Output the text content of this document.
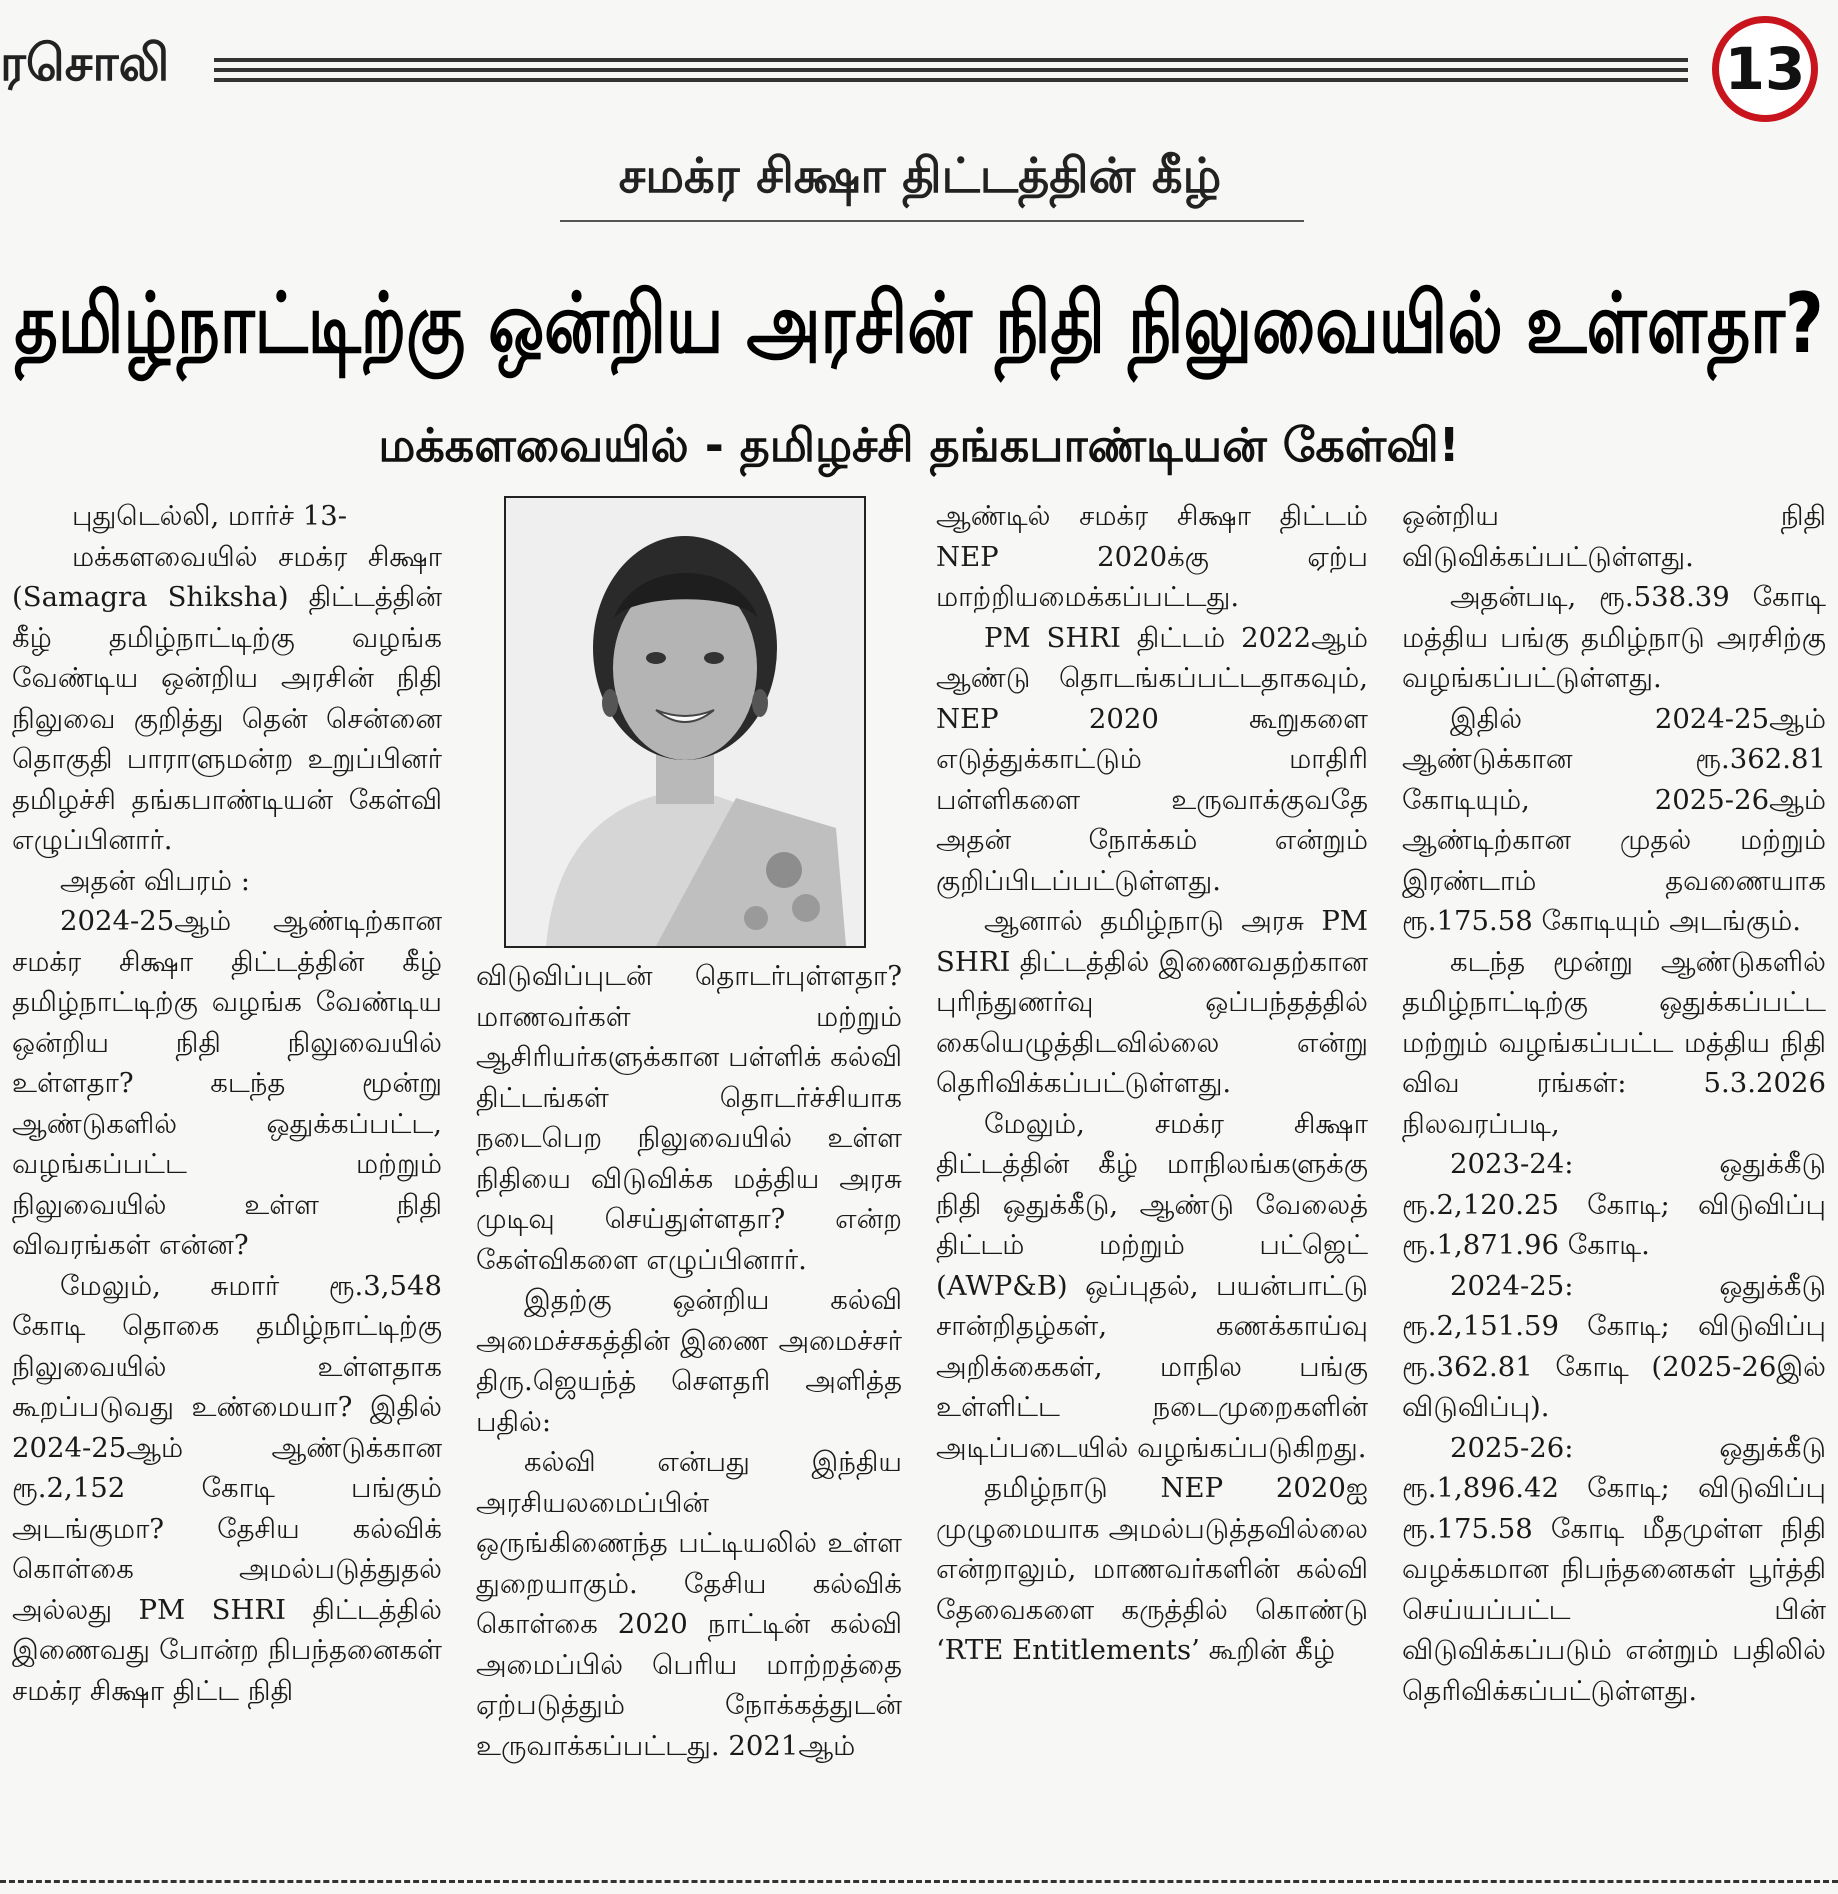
ரசொலி	13
சமக்ர சிக்ஷா திட்டத்தின் கீழ்
தமிழ்நாட்டிற்கு ஒன்றிய அரசின் நிதி நிலுவையில் உள்ளதா?
மக்களவையில் - தமிழச்சி தங்கபாண்டியன் கேள்வி!

புதுடெல்லி, மார்ச் 13-

மக்களவையில் சமக்ர சிக்ஷா (Samagra Shiksha) திட்டத்தின் கீழ் தமிழ்நாட்டிற்கு வழங்க வேண்டிய ஒன்றிய அரசின் நிதி நிலுவை குறித்து தென் சென்னை தொகுதி பாராளுமன்ற உறுப்பினர் தமிழச்சி தங்கபாண்டியன் கேள்வி எழுப்பினார்.

அதன் விபரம் :

2024-25ஆம் ஆண்டிற்கான சமக்ர சிக்ஷா திட்டத்தின் கீழ் தமிழ்நாட்டிற்கு வழங்க வேண்டிய ஒன்றிய நிதி நிலுவையில் உள்ளதா? கடந்த மூன்று ஆண்டுகளில் ஒதுக்கப்பட்ட, வழங்கப்பட்ட மற்றும் நிலுவையில் உள்ள நிதி விவரங்கள் என்ன?

மேலும், சுமார் ரூ.3,548 கோடி தொகை தமிழ்நாட்டிற்கு நிலுவையில் உள்ளதாக கூறப்படுவது உண்மையா? இதில் 2024-25ஆம் ஆண்டுக்கான ரூ.2,152 கோடி பங்கும் அடங்குமா? தேசிய கல்விக் கொள்கை அமல்படுத்துதல் அல்லது PM SHRI திட்டத்தில் இணைவது போன்ற நிபந்தனைகள் சமக்ர சிக்ஷா திட்ட நிதி

விடுவிப்புடன் தொடர்புள்ளதா? மாணவர்கள் மற்றும் ஆசிரியர்களுக்கான பள்ளிக் கல்வி திட்டங்கள் தொடர்ச்சியாக நடைபெற நிலுவையில் உள்ள நிதியை விடுவிக்க மத்திய அரசு முடிவு செய்துள்ளதா? என்ற கேள்விகளை எழுப்பினார்.

இதற்கு ஒன்றிய கல்வி அமைச்சகத்தின் இணை அமைச்சர் திரு.ஜெயந்த் சௌதரி அளித்த பதில்:

கல்வி என்பது இந்திய அரசியலமைப்பின் ஒருங்கிணைந்த பட்டியலில் உள்ள துறையாகும். தேசிய கல்விக் கொள்கை 2020 நாட்டின் கல்வி அமைப்பில் பெரிய மாற்றத்தை ஏற்படுத்தும் நோக்கத்துடன் உருவாக்கப்பட்டது. 2021ஆம்

ஆண்டில் சமக்ர சிக்ஷா திட்டம் NEP 2020க்கு ஏற்ப மாற்றியமைக்கப்பட்டது.

PM SHRI திட்டம் 2022ஆம் ஆண்டு தொடங்கப்பட்டதாகவும், NEP 2020 கூறுகளை எடுத்துக்காட்டும் மாதிரி பள்ளிகளை உருவாக்குவதே அதன் நோக்கம் என்றும் குறிப்பிடப்பட்டுள்ளது.

ஆனால் தமிழ்நாடு அரசு PM SHRI திட்டத்தில் இணைவதற்கான புரிந்துணர்வு ஒப்பந்தத்தில் கையெழுத்திடவில்லை என்று தெரிவிக்கப்பட்டுள்ளது.

மேலும், சமக்ர சிக்ஷா திட்டத்தின் கீழ் மாநிலங்களுக்கு நிதி ஒதுக்கீடு, ஆண்டு வேலைத் திட்டம் மற்றும் பட்ஜெட் (AWP&B) ஒப்புதல், பயன்பாட்டு சான்றிதழ்கள், கணக்காய்வு அறிக்கைகள், மாநில பங்கு உள்ளிட்ட நடைமுறைகளின் அடிப்படையில் வழங்கப்படுகிறது.

தமிழ்நாடு NEP 2020ஐ முழுமையாக அமல்படுத்தவில்லை என்றாலும், மாணவர்களின் கல்வி தேவைகளை கருத்தில் கொண்டு ‘RTE Entitlements’ கூறின் கீழ்

ஒன்றிய நிதி விடுவிக்கப்பட்டுள்ளது.

அதன்படி, ரூ.538.39 கோடி மத்திய பங்கு தமிழ்நாடு அரசிற்கு வழங்கப்பட்டுள்ளது.

இதில் 2024-25ஆம் ஆண்டுக்கான ரூ.362.81 கோடியும், 2025-26ஆம் ஆண்டிற்கான முதல் மற்றும் இரண்டாம் தவணையாக ரூ.175.58 கோடியும் அடங்கும்.

கடந்த மூன்று ஆண்டுகளில் தமிழ்நாட்டிற்கு ஒதுக்கப்பட்ட மற்றும் வழங்கப்பட்ட மத்திய நிதி விவ ரங்கள்: 5.3.2026 நிலவரப்படி,

2023-24: ஒதுக்கீடு ரூ.2,120.25 கோடி; விடுவிப்பு ரூ.1,871.96 கோடி.

2024-25: ஒதுக்கீடு ரூ.2,151.59 கோடி; விடுவிப்பு ரூ.362.81 கோடி (2025-26இல் விடுவிப்பு).

2025-26: ஒதுக்கீடு ரூ.1,896.42 கோடி; விடுவிப்பு ரூ.175.58 கோடி மீதமுள்ள நிதி வழக்கமான நிபந்தனைகள் பூர்த்தி செய்யப்பட்ட பின் விடுவிக்கப்படும் என்றும் பதிலில் தெரிவிக்கப்பட்டுள்ளது.
